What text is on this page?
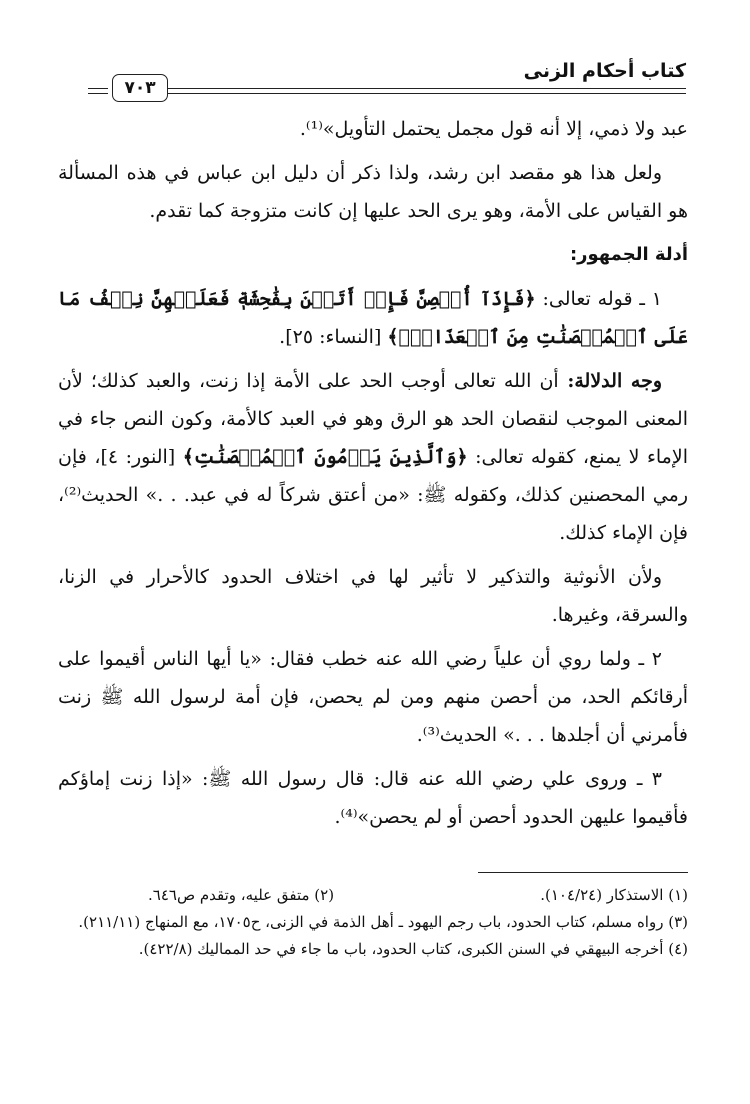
كتاب أحكام الزنى
٧٠٣

عبد ولا ذمي، إلا أنه قول مجمل يحتمل التأويل»⁽¹⁾.

ولعل هذا هو مقصد ابن رشد، ولذا ذكر أن دليل ابن عباس في هذه المسألة هو القياس على الأمة، وهو يرى الحد عليها إن كانت متزوجة كما تقدم.

أدلة الجمهور:

١ ـ قوله تعالى: ﴿فَإِذَآ أُحۡصِنَّ فَإِنۡ أَتَيۡنَ بِفَٰحِشَةٖ فَعَلَيۡهِنَّ نِصۡفُ مَا عَلَى ٱلۡمُحۡصَنَٰتِ مِنَ ٱلۡعَذَابِۚ﴾ [النساء: ٢٥].

وجه الدلالة: أن الله تعالى أوجب الحد على الأمة إذا زنت، والعبد كذلك؛ لأن المعنى الموجب لنقصان الحد هو الرق وهو في العبد كالأمة، وكون النص جاء في الإماء لا يمنع، كقوله تعالى: ﴿وَٱلَّذِينَ يَرۡمُونَ ٱلۡمُحۡصَنَٰتِ﴾ [النور: ٤]، فإن رمي المحصنين كذلك، وكقوله ﷺ: «من أعتق شركاً له في عبد. . .» الحديث⁽²⁾، فإن الإماء كذلك.

ولأن الأنوثية والتذكير لا تأثير لها في اختلاف الحدود كالأحرار في الزنا، والسرقة، وغيرها.

٢ ـ ولما روي أن علياً رضي الله عنه خطب فقال: «يا أيها الناس أقيموا على أرقائكم الحد، من أحصن منهم ومن لم يحصن، فإن أمة لرسول الله ﷺ زنت فأمرني أن أجلدها . . .» الحديث⁽³⁾.

٣ ـ وروى علي رضي الله عنه قال: قال رسول الله ﷺ: «إذا زنت إماؤكم فأقيموا عليهن الحدود أحصن أو لم يحصن»⁽⁴⁾.

(١) الاستذكار (١٠٤/٢٤).

(٢) متفق عليه، وتقدم ص٦٤٦.

(٣) رواه مسلم، كتاب الحدود، باب رجم اليهود ـ أهل الذمة في الزنى، ح١٧٠٥، مع المنهاج (٢١١/١١).

(٤) أخرجه البيهقي في السنن الكبرى، كتاب الحدود، باب ما جاء في حد المماليك (٤٢٢/٨).
